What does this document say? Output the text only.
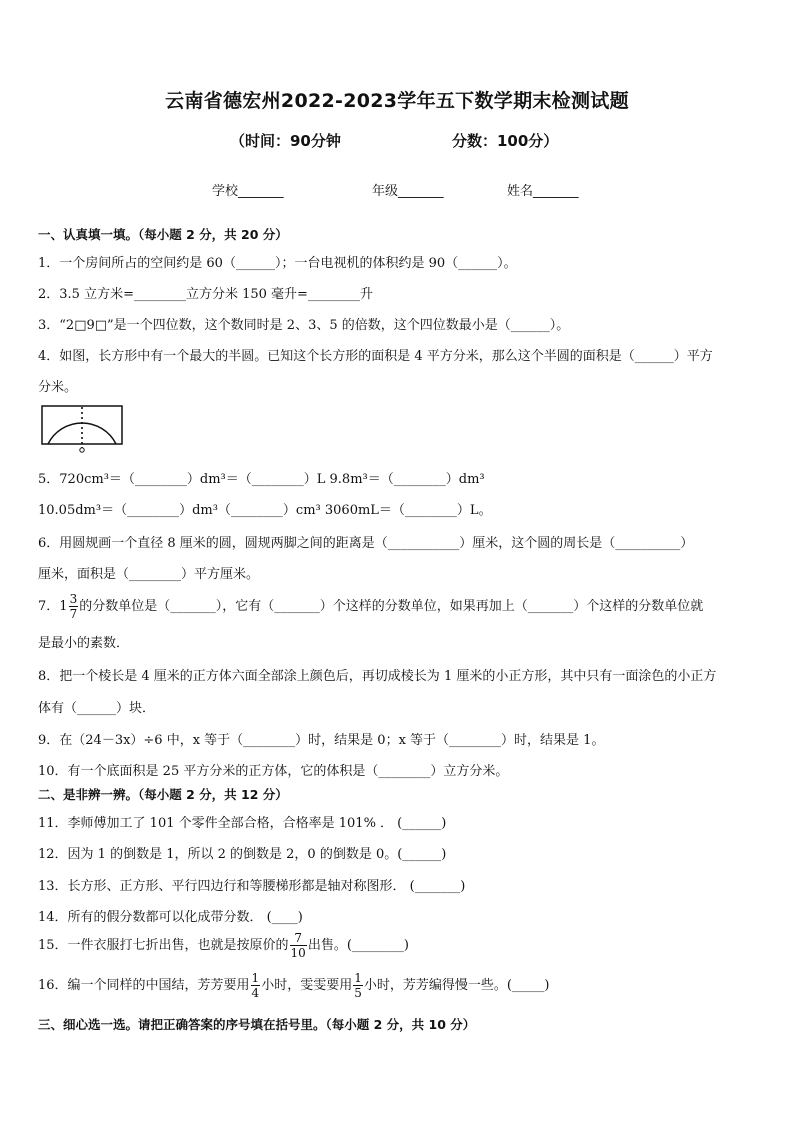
云南省德宏州2022-2023学年五下数学期末检测试题
（时间：90分钟	分数：100分）
学校_______	年级_______	姓名_______
一、认真填一填。（每小题 2 分，共 20 分）
1．一个房间所占的空间约是 60（______）；一台电视机的体积约是 90（______）。
2．3.5 立方米=________立方分米 150 毫升=________升
3．“2□9□”是一个四位数，这个数同时是 2、3、5 的倍数，这个四位数最小是（______）。
4．如图，长方形中有一个最大的半圆。已知这个长方形的面积是 4 平方分米，那么这个半圆的面积是（______）平方
分米。
5．720cm³＝（________）dm³＝（________）L 9.8m³＝（________）dm³
10.05dm³＝（________）dm³（________）cm³ 3060mL＝（________）L。
6．用圆规画一个直径 8 厘米的圆，圆规两脚之间的距离是（___________）厘米，这个圆的周长是（__________）
厘米，面积是（________）平方厘米。
7．$1 \frac{3}{7}$ 的分数单位是（_______），它有（_______）个这样的分数单位，如果再加上（_______）个这样的分数单位就
是最小的素数．
8．把一个棱长是 4 厘米的正方体六面全部涂上颜色后，再切成棱长为 1 厘米的小正方形，其中只有一面涂色的小正方
体有（______）块．
9．在（24－3x）÷6 中，x 等于（________）时，结果是 0；x 等于（________）时，结果是 1。
10．有一个底面积是 25 平方分米的正方体，它的体积是（________）立方分米。
二、是非辨一辨。（每小题 2 分，共 12 分）
11．李师傅加工了 101 个零件全部合格，合格率是 101% ． (______)
12．因为 1 的倒数是 1，所以 2 的倒数是 2，0 的倒数是 0。(______)
13．长方形、正方形、平行四边行和等腰梯形都是轴对称图形． (_______)
14．所有的假分数都可以化成带分数． (____)
15．一件衣服打七折出售，也就是按原价的 $\frac{7}{10}$ 出售。(________)
16．编一个同样的中国结，芳芳要用 $\frac{1}{4}$ 小时，雯雯要用 $\frac{1}{5}$ 小时，芳芳编得慢一些。(_____)
三、细心选一选。请把正确答案的序号填在括号里。（每小题 2 分，共 10 分）
